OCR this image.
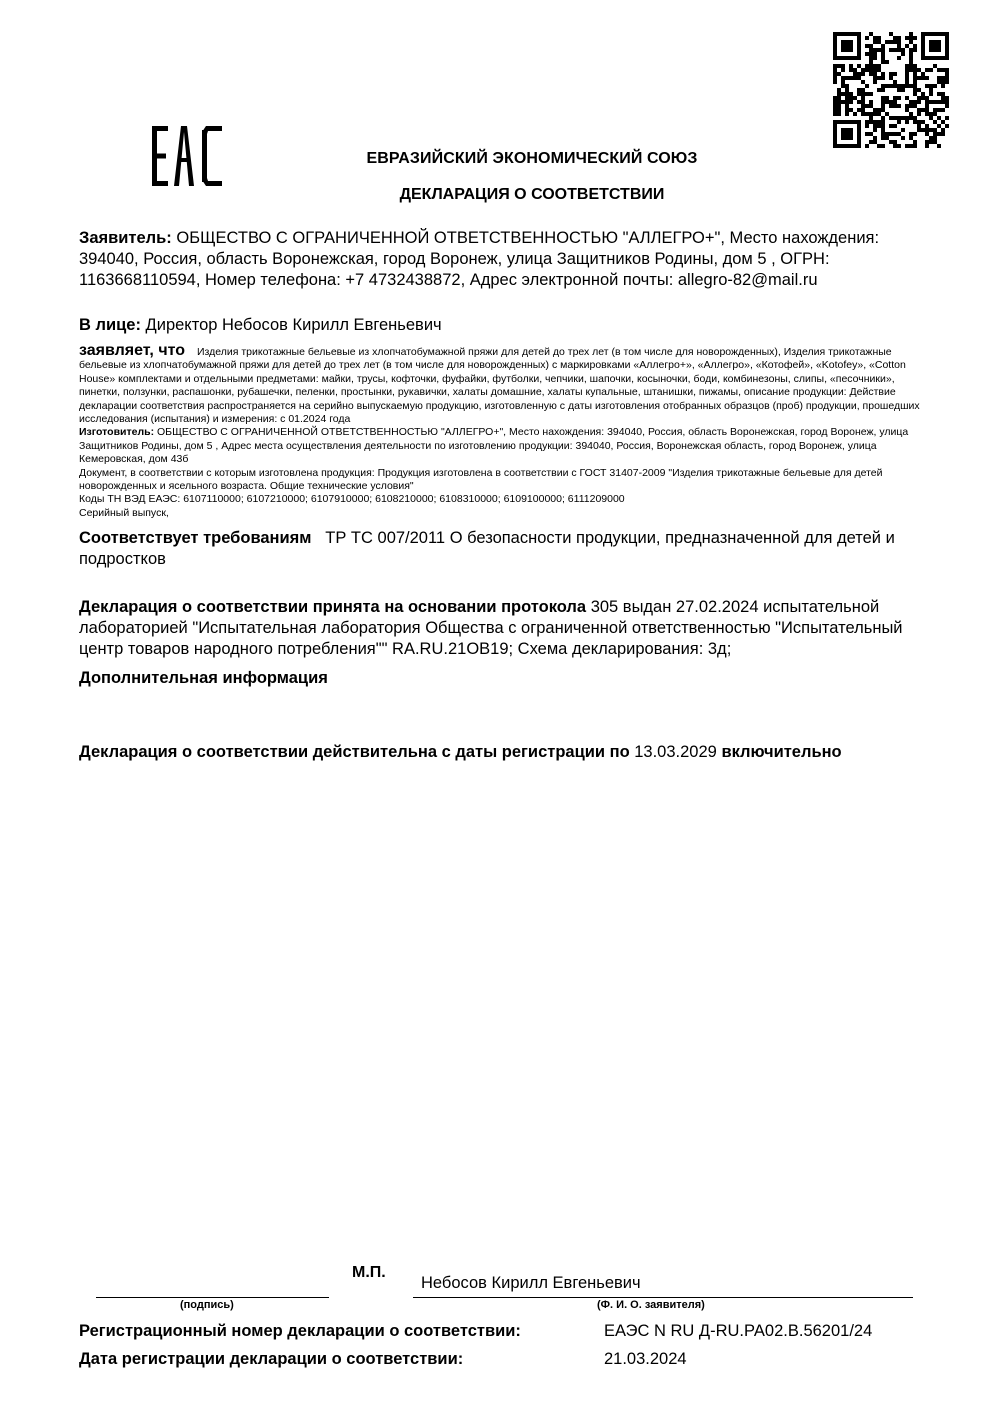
ЕВРАЗИЙСКИЙ ЭКОНОМИЧЕСКИЙ СОЮЗ
ДЕКЛАРАЦИЯ О СООТВЕТСТВИИ
Заявитель: ОБЩЕСТВО С ОГРАНИЧЕННОЙ ОТВЕТСТВЕННОСТЬЮ "АЛЛЕГРО+", Место нахождения: 394040, Россия, область Воронежская, город Воронеж, улица Защитников Родины, дом 5 , ОГРН: 1163668110594, Номер телефона: +7 4732438872, Адрес электронной почты: allegro-82@mail.ru
В лице: Директор Небосов Кирилл Евгеньевич
заявляет, что Изделия трикотажные бельевые из хлопчатобумажной пряжи для детей до трех лет (в том числе для новорожденных), Изделия трикотажные бельевые из хлопчатобумажной пряжи для детей до трех лет (в том числе для новорожденных) с маркировками «Аллегро+», «Аллегро», «Котофей», «Kotofey», «Cotton House» комплектами и отдельными предметами: майки, трусы, кофточки, фуфайки, футболки, чепчики, шапочки, косыночки, боди, комбинезоны, слипы, «песочники», пинетки, ползунки, распашонки, рубашечки, пеленки, простынки, рукавички, халаты домашние, халаты купальные, штанишки, пижамы, описание продукции: Действие декларации соответствия распространяется на серийно выпускаемую продукцию, изготовленную с даты изготовления отобранных образцов (проб) продукции, прошедших исследования (испытания) и измерения: с 01.2024 года
Изготовитель: ОБЩЕСТВО С ОГРАНИЧЕННОЙ ОТВЕТСТВЕННОСТЬЮ "АЛЛЕГРО+", Место нахождения: 394040, Россия, область Воронежская, город Воронеж, улица Защитников Родины, дом 5 , Адрес места осуществления деятельности по изготовлению продукции: 394040, Россия, Воронежская область, город Воронеж, улица Кемеровская, дом 43б
Документ, в соответствии с которым изготовлена продукция: Продукция изготовлена в соответствии с ГОСТ 31407-2009 "Изделия трикотажные бельевые для детей новорожденных и ясельного возраста. Общие технические условия"
Коды ТН ВЭД ЕАЭС: 6107110000; 6107210000; 6107910000; 6108210000; 6108310000; 6109100000; 6111209000
Серийный выпуск,
Соответствует требованиям ТР ТС 007/2011 О безопасности продукции, предназначенной для детей и подростков
Декларация о соответствии принята на основании протокола 305 выдан 27.02.2024 испытательной лабораторией "Испытательная лаборатория Общества с ограниченной ответственностью "Испытательный центр товаров народного потребления"" RA.RU.21OB19; Схема декларирования: 3д;
Дополнительная информация
Декларация о соответствии действительна с даты регистрации по 13.03.2029 включительно
М.П.
Небосов Кирилл Евгеньевич
(подпись)	(Ф. И. О. заявителя)
Регистрационный номер декларации о соответствии:	ЕАЭС N RU Д-RU.РА02.В.56201/24
Дата регистрации декларации о соответствии:	21.03.2024
